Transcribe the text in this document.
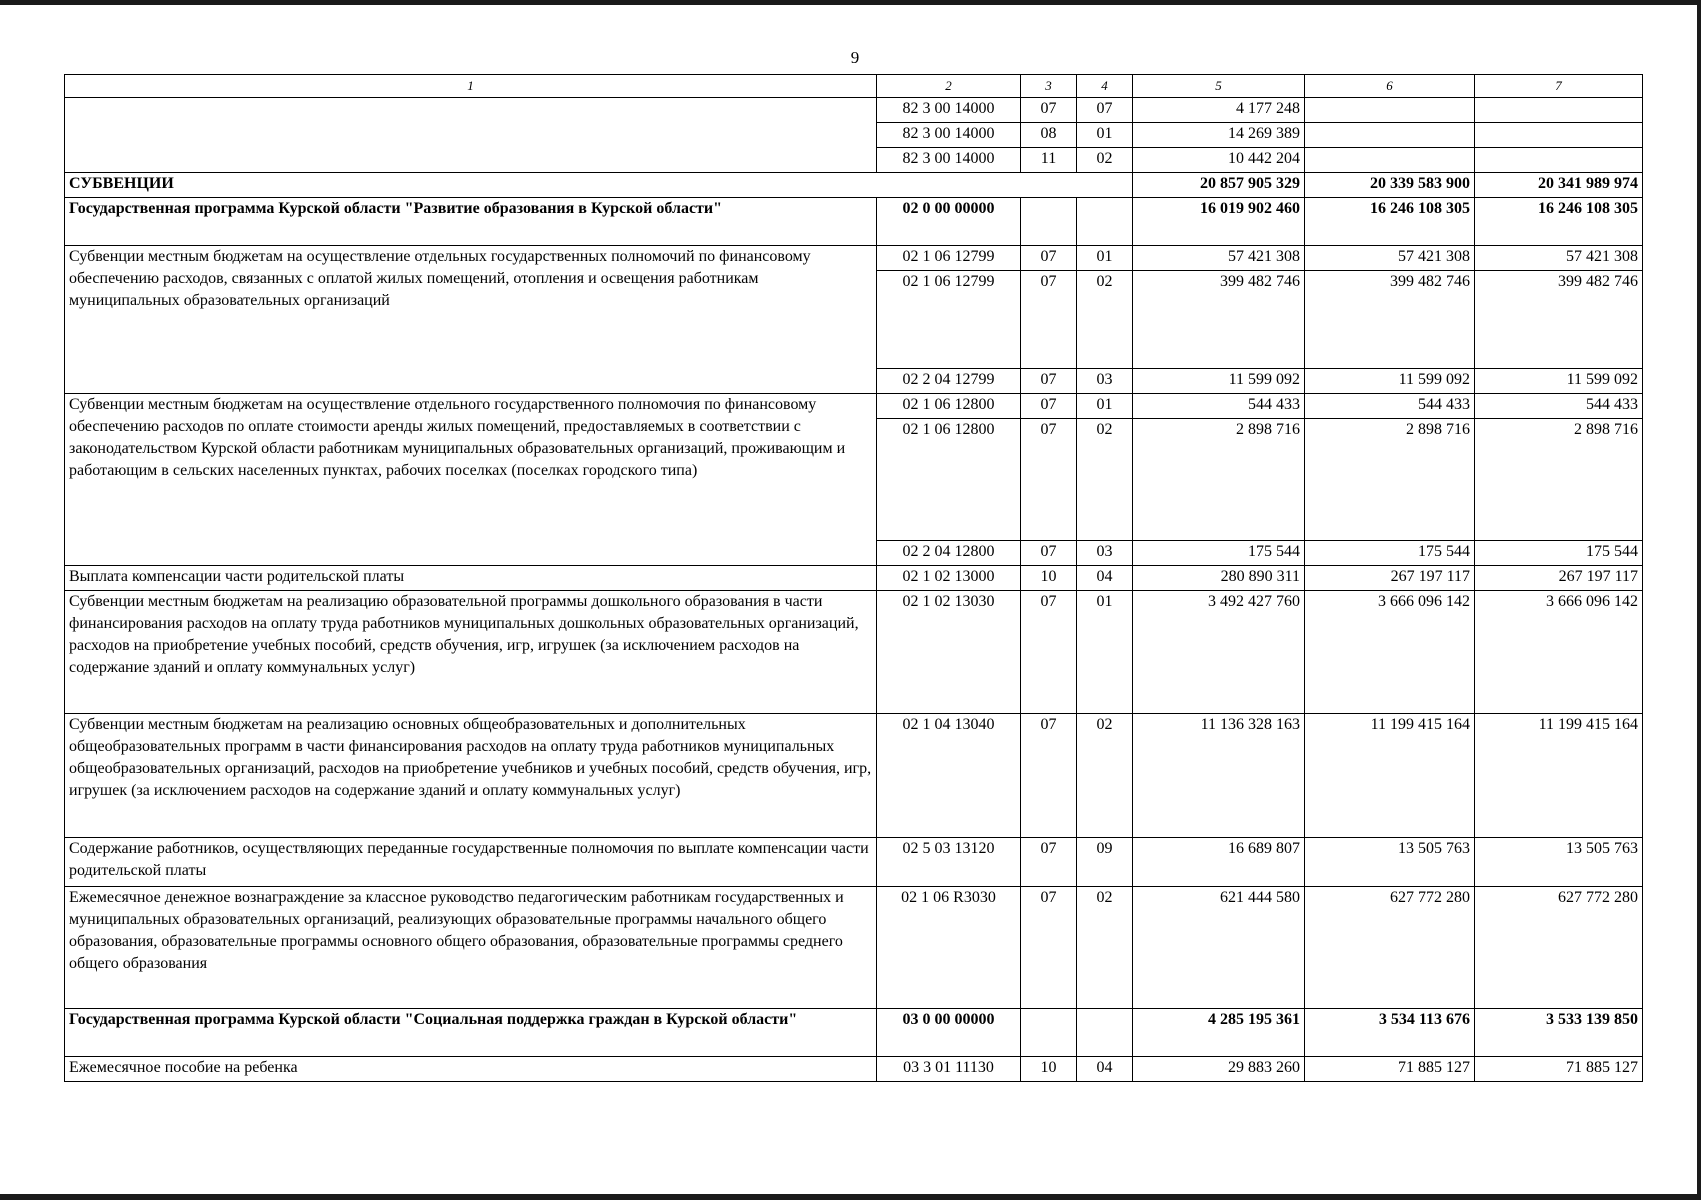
9
1	2	3	4	5	6	7
	82 3 00 14000	07	07	4 177 248		
	82 3 00 14000	08	01	14 269 389		
	82 3 00 14000	11	02	10 442 204		
СУБВЕНЦИИ				20 857 905 329	20 339 583 900	20 341 989 974
Государственная программа Курской области "Развитие образования в Курской области"	02 0 00 00000			16 019 902 460	16 246 108 305	16 246 108 305
Субвенции местным бюджетам на осуществление отдельных государственных полномочий по финансовому обеспечению расходов, связанных с оплатой жилых помещений, отопления и освещения работникам муниципальных образовательных организаций	02 1 06 12799	07	01	57 421 308	57 421 308	57 421 308
	02 1 06 12799	07	02	399 482 746	399 482 746	399 482 746
	02 2 04 12799	07	03	11 599 092	11 599 092	11 599 092
Субвенции местным бюджетам на осуществление отдельного государственного полномочия по финансовому обеспечению расходов по оплате стоимости аренды жилых помещений, предоставляемых в соответствии с законодательством Курской области работникам муниципальных образовательных организаций, проживающим и работающим в сельских населенных пунктах, рабочих поселках (поселках городского типа)	02 1 06 12800	07	01	544 433	544 433	544 433
	02 1 06 12800	07	02	2 898 716	2 898 716	2 898 716
	02 2 04 12800	07	03	175 544	175 544	175 544
Выплата компенсации части родительской платы	02 1 02 13000	10	04	280 890 311	267 197 117	267 197 117
Субвенции местным бюджетам на реализацию образовательной программы дошкольного образования в части финансирования расходов на оплату труда работников муниципальных дошкольных образовательных организаций, расходов на приобретение учебных пособий, средств обучения, игр, игрушек (за исключением расходов на содержание зданий и оплату коммунальных услуг)	02 1 02 13030	07	01	3 492 427 760	3 666 096 142	3 666 096 142
Субвенции местным бюджетам на реализацию основных общеобразовательных и дополнительных общеобразовательных программ в части финансирования расходов на оплату труда работников муниципальных общеобразовательных организаций, расходов на приобретение учебников и учебных пособий, средств обучения, игр, игрушек (за исключением расходов на содержание зданий и оплату коммунальных услуг)	02 1 04 13040	07	02	11 136 328 163	11 199 415 164	11 199 415 164
Содержание работников, осуществляющих переданные государственные полномочия по выплате компенсации части родительской платы	02 5 03 13120	07	09	16 689 807	13 505 763	13 505 763
Ежемесячное денежное вознаграждение за классное руководство педагогическим работникам государственных и муниципальных образовательных организаций, реализующих образовательные программы начального общего образования, образовательные программы основного общего образования, образовательные программы среднего общего образования	02 1 06 R3030	07	02	621 444 580	627 772 280	627 772 280
Государственная программа Курской области "Социальная поддержка граждан в Курской области"	03 0 00 00000			4 285 195 361	3 534 113 676	3 533 139 850
Ежемесячное пособие на ребенка	03 3 01 11130	10	04	29 883 260	71 885 127	71 885 127
